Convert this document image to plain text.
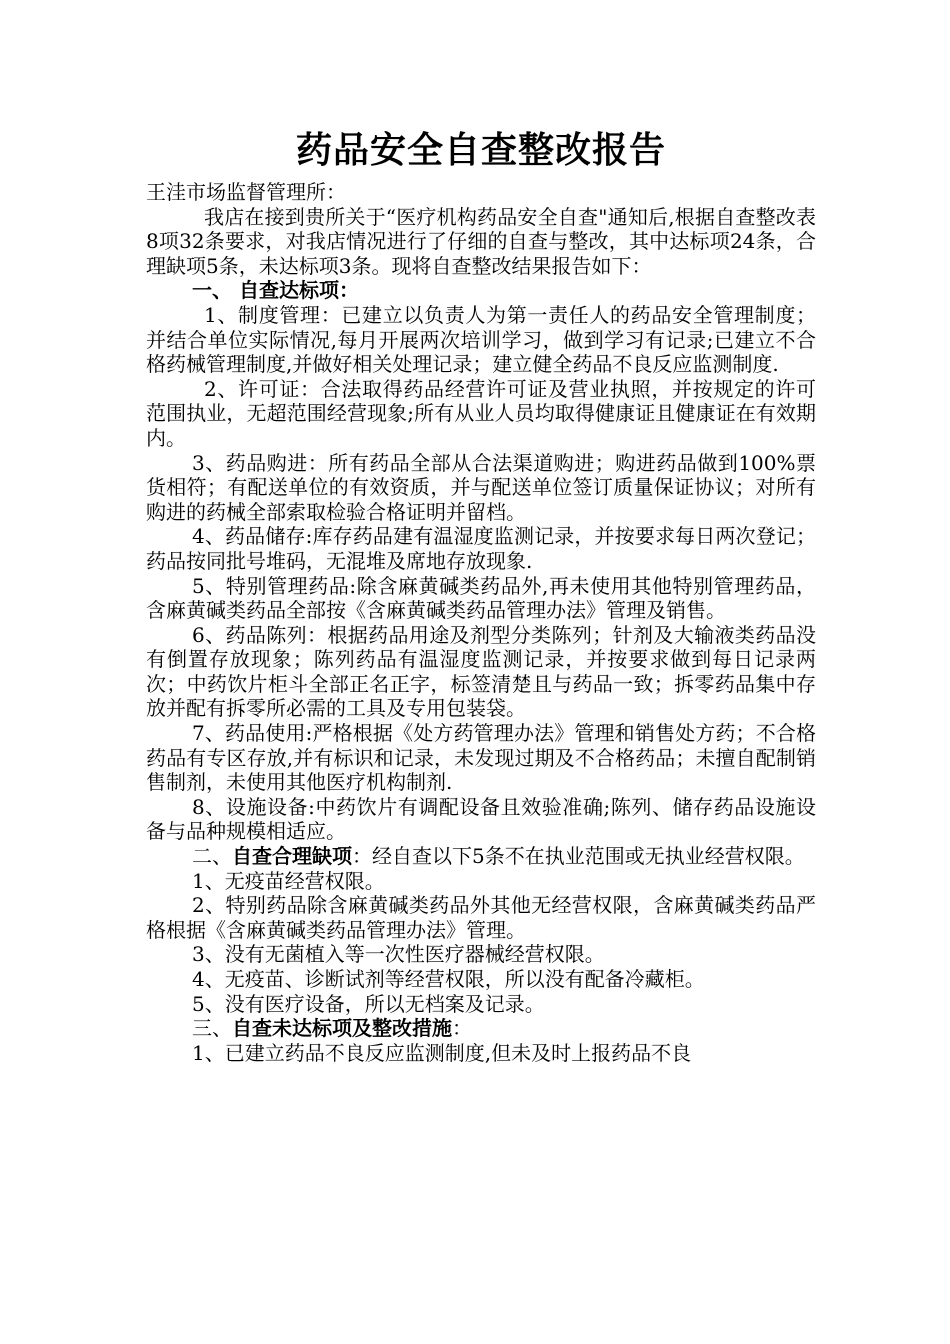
药品安全自查整改报告

王洼市场监督管理所：

我店在接到贵所关于“医疗机构药品安全自查"通知后,根据自查整改表8项32条要求，对我店情况进行了仔细的自查与整改，其中达标项24条，合理缺项5条，未达标项3条。现将自查整改结果报告如下：

一、 自查达标项：

1、制度管理：已建立以负责人为第一责任人的药品安全管理制度；并结合单位实际情况,每月开展两次培训学习，做到学习有记录;已建立不合格药械管理制度,并做好相关处理记录；建立健全药品不良反应监测制度.

2、许可证：合法取得药品经营许可证及营业执照，并按规定的许可范围执业，无超范围经营现象;所有从业人员均取得健康证且健康证在有效期内。

3、药品购进：所有药品全部从合法渠道购进；购进药品做到100%票货相符；有配送单位的有效资质，并与配送单位签订质量保证协议；对所有购进的药械全部索取检验合格证明并留档。

4、药品储存:库存药品建有温湿度监测记录，并按要求每日两次登记；药品按同批号堆码，无混堆及席地存放现象.

5、特别管理药品:除含麻黄碱类药品外,再未使用其他特别管理药品，含麻黄碱类药品全部按《含麻黄碱类药品管理办法》管理及销售。

6、药品陈列：根据药品用途及剂型分类陈列；针剂及大输液类药品没有倒置存放现象；陈列药品有温湿度监测记录，并按要求做到每日记录两次；中药饮片柜斗全部正名正字，标签清楚且与药品一致；拆零药品集中存放并配有拆零所必需的工具及专用包装袋。

7、药品使用:严格根据《处方药管理办法》管理和销售处方药；不合格药品有专区存放,并有标识和记录，未发现过期及不合格药品；未擅自配制销售制剂，未使用其他医疗机构制剂.

8、设施设备:中药饮片有调配设备且效验准确;陈列、储存药品设施设备与品种规模相适应。

二、自查合理缺项：经自查以下5条不在执业范围或无执业经营权限。

1、无疫苗经营权限。

2、特别药品除含麻黄碱类药品外其他无经营权限，含麻黄碱类药品严格根据《含麻黄碱类药品管理办法》管理。

3、没有无菌植入等一次性医疗器械经营权限。

4、无疫苗、诊断试剂等经营权限，所以没有配备冷藏柜。

5、没有医疗设备，所以无档案及记录。

三、自查未达标项及整改措施：

1、已建立药品不良反应监测制度,但未及时上报药品不良
